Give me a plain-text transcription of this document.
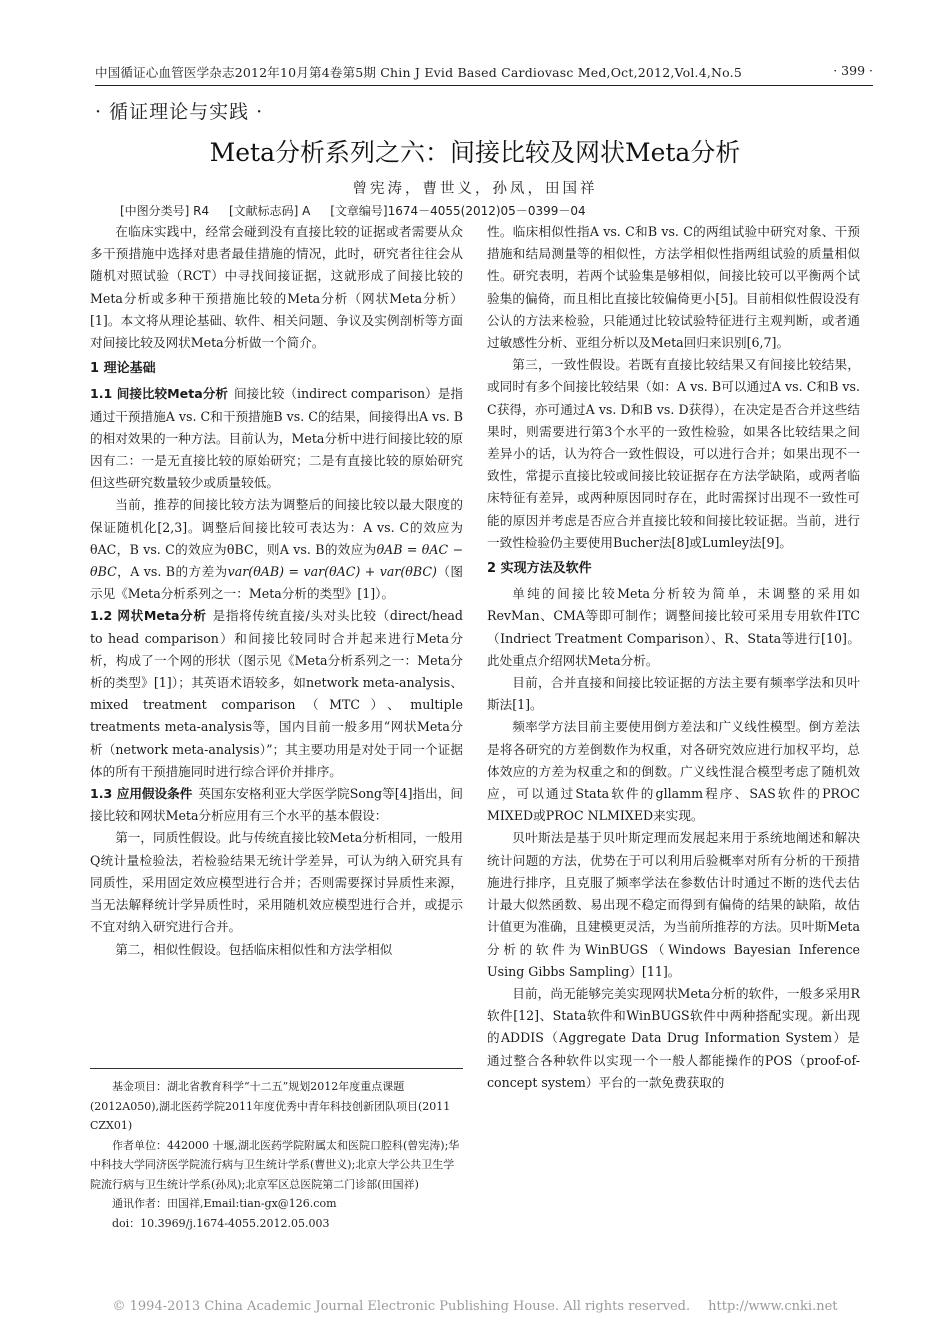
中国循证心血管医学杂志2012年10月第4卷第5期 Chin J Evid Based Cardiovasc Med,Oct,2012,Vol.4,No.5	· 399 ·
· 循证理论与实践 ·
Meta分析系列之六：间接比较及网状Meta分析
曾宪涛，曹世义，孙凤，田国祥
[中图分类号] R4 [文献标志码] A [文章编号]1674－4055(2012)05－0399－04

在临床实践中，经常会碰到没有直接比较的证据或者需要从众多干预措施中选择对患者最佳措施的情况，此时，研究者往往会从随机对照试验（RCT）中寻找间接证据，这就形成了间接比较的Meta分析或多种干预措施比较的Meta分析（网状Meta分析）[1]。本文将从理论基础、软件、相关问题、争议及实例剖析等方面对间接比较及网状Meta分析做一个简介。

1 理论基础

1.1 间接比较Meta分析 间接比较（indirect comparison）是指通过干预措施A vs. C和干预措施B vs. C的结果，间接得出A vs. B的相对效果的一种方法。目前认为，Meta分析中进行间接比较的原因有二：一是无直接比较的原始研究；二是有直接比较的原始研究但这些研究数量较少或质量较低。

当前，推荐的间接比较方法为调整后的间接比较以最大限度的保证随机化[2,3]。调整后间接比较可表达为：A vs. C的效应为θAC，B vs. C的效应为θBC，则A vs. B的效应为θAB = θAC − θBC，A vs. B的方差为var(θAB) = var(θAC) + var(θBC)（图示见《Meta分析系列之一：Meta分析的类型》[1]）。

1.2 网状Meta分析 是指将传统直接/头对头比较（direct/head to head comparison）和间接比较同时合并起来进行Meta分析，构成了一个网的形状（图示见《Meta分析系列之一：Meta分析的类型》[1]）；其英语术语较多，如network meta-analysis、mixed treatment comparison（MTC）、multiple treatments meta-analysis等，国内目前一般多用“网状Meta分析（network meta-analysis）”；其主要功用是对处于同一个证据体的所有干预措施同时进行综合评价并排序。

1.3 应用假设条件 英国东安格利亚大学医学院Song等[4]指出，间接比较和网状Meta分析应用有三个水平的基本假设：

第一，同质性假设。此与传统直接比较Meta分析相同，一般用Q统计量检验法，若检验结果无统计学差异，可认为纳入研究具有同质性，采用固定效应模型进行合并；否则需要探讨异质性来源，当无法解释统计学异质性时，采用随机效应模型进行合并，或提示不宜对纳入研究进行合并。

第二，相似性假设。包括临床相似性和方法学相似

基金项目：湖北省教育科学“十二五”规划2012年度重点课题(2012A050),湖北医药学院2011年度优秀中青年科技创新团队项目(2011 CZX01)

作者单位：442000 十堰,湖北医药学院附属太和医院口腔科(曾宪涛);华中科技大学同济医学院流行病与卫生统计学系(曹世义);北京大学公共卫生学院流行病与卫生统计学系(孙凤);北京军区总医院第二门诊部(田国祥)

通讯作者：田国祥,Email:tian-gx@126.com

doi：10.3969/j.1674-4055.2012.05.003

性。临床相似性指A vs. C和B vs. C的两组试验中研究对象、干预措施和结局测量等的相似性，方法学相似性指两组试验的质量相似性。研究表明，若两个试验集是够相似，间接比较可以平衡两个试验集的偏倚，而且相比直接比较偏倚更小[5]。目前相似性假设没有公认的方法来检验，只能通过比较试验特征进行主观判断，或者通过敏感性分析、亚组分析以及Meta回归来识别[6,7]。

第三，一致性假设。若既有直接比较结果又有间接比较结果，或同时有多个间接比较结果（如：A vs. B可以通过A vs. C和B vs. C获得，亦可通过A vs. D和B vs. D获得），在决定是否合并这些结果时，则需要进行第3个水平的一致性检验，如果各比较结果之间差异小的话，认为符合一致性假设，可以进行合并；如果出现不一致性，常提示直接比较或间接比较证据存在方法学缺陷，或两者临床特征有差异，或两种原因同时存在，此时需探讨出现不一致性可能的原因并考虑是否应合并直接比较和间接比较证据。当前，进行一致性检验仍主要使用Bucher法[8]或Lumley法[9]。

2 实现方法及软件

单纯的间接比较Meta分析较为简单，未调整的采用如RevMan、CMA等即可制作；调整间接比较可采用专用软件ITC（Indriect Treatment Comparison）、R、Stata等进行[10]。此处重点介绍网状Meta分析。

目前，合并直接和间接比较证据的方法主要有频率学法和贝叶斯法[1]。

频率学方法目前主要使用倒方差法和广义线性模型。倒方差法是将各研究的方差倒数作为权重，对各研究效应进行加权平均，总体效应的方差为权重之和的倒数。广义线性混合模型考虑了随机效应，可以通过Stata软件的gllamm程序、SAS软件的PROC MIXED或PROC NLMIXED来实现。

贝叶斯法是基于贝叶斯定理而发展起来用于系统地阐述和解决统计问题的方法，优势在于可以利用后验概率对所有分析的干预措施进行排序，且克服了频率学法在参数估计时通过不断的迭代去估计最大似然函数、易出现不稳定而得到有偏倚的结果的缺陷，故估计值更为准确，且建模更灵活，为当前所推荐的方法。贝叶斯Meta分析的软件为WinBUGS（Windows Bayesian Inference Using Gibbs Sampling）[11]。

目前，尚无能够完美实现网状Meta分析的软件，一般多采用R软件[12]、Stata软件和WinBUGS软件中两种搭配实现。新出现的ADDIS（Aggregate Data Drug Information System）是通过整合各种软件以实现一个一般人都能操作的POS（proof-of-concept system）平台的一款免费获取的

© 1994-2013 China Academic Journal Electronic Publishing House. All rights reserved. http://www.cnki.net
